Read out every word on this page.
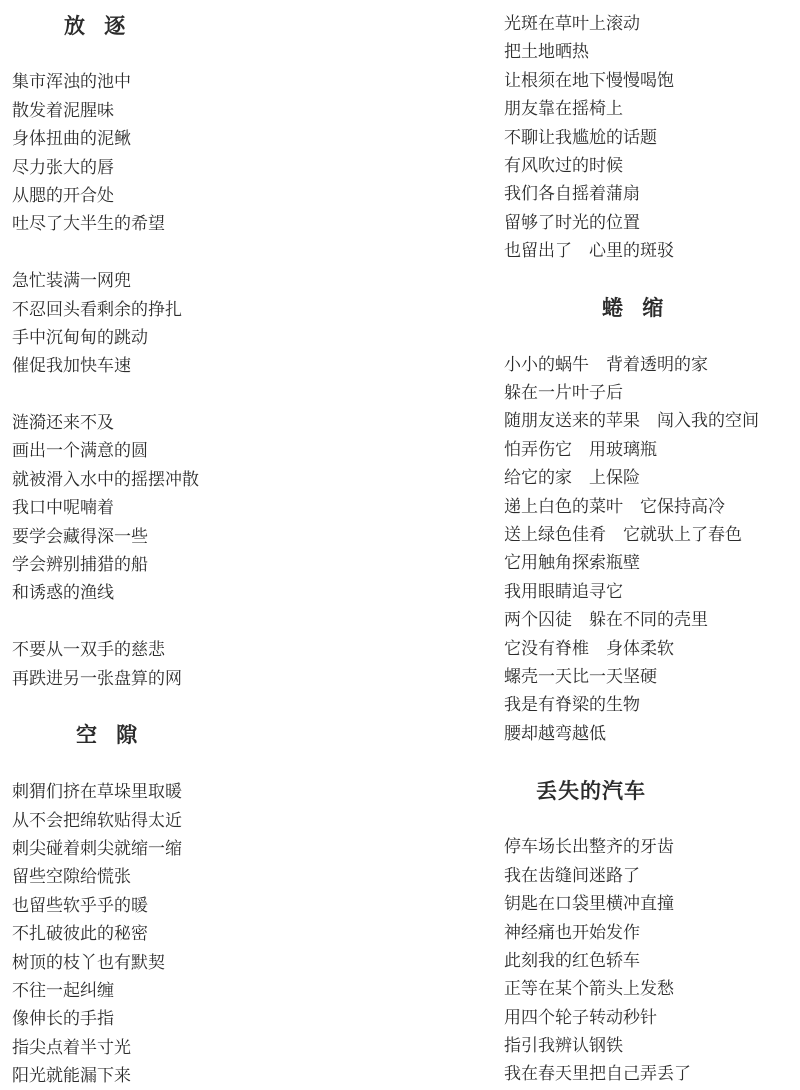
放 逐

集市浑浊的池中

散发着泥腥味

身体扭曲的泥鳅

尽力张大的唇

从腮的开合处

吐尽了大半生的希望

急忙装满一网兜

不忍回头看剩余的挣扎

手中沉甸甸的跳动

催促我加快车速

涟漪还来不及

画出一个满意的圆

就被滑入水中的摇摆冲散

我口中呢喃着

要学会藏得深一些

学会辨别捕猎的船

和诱惑的渔线

不要从一双手的慈悲

再跌进另一张盘算的网

空 隙

刺猬们挤在草垛里取暖

从不会把绵软贴得太近

刺尖碰着刺尖就缩一缩

留些空隙给慌张

也留些软乎乎的暖

不扎破彼此的秘密

树顶的枝丫也有默契

不往一起纠缠

像伸长的手指

指尖点着半寸光

阳光就能漏下来

光斑在草叶上滚动

把土地晒热

让根须在地下慢慢喝饱

朋友靠在摇椅上

不聊让我尴尬的话题

有风吹过的时候

我们各自摇着蒲扇

留够了时光的位置

也留出了　心里的斑驳

蜷 缩

小小的蜗牛　背着透明的家

躲在一片叶子后

随朋友送来的苹果　闯入我的空间

怕弄伤它　用玻璃瓶

给它的家　上保险

递上白色的菜叶　它保持高冷

送上绿色佳肴　它就驮上了春色

它用触角探索瓶壁

我用眼睛追寻它

两个囚徒　躲在不同的壳里

它没有脊椎　身体柔软

螺壳一天比一天坚硬

我是有脊梁的生物

腰却越弯越低

丢失的汽车

停车场长出整齐的牙齿

我在齿缝间迷路了

钥匙在口袋里横冲直撞

神经痛也开始发作

此刻我的红色轿车

正等在某个箭头上发愁

用四个轮子转动秒针

指引我辨认钢铁

我在春天里把自己弄丢了
